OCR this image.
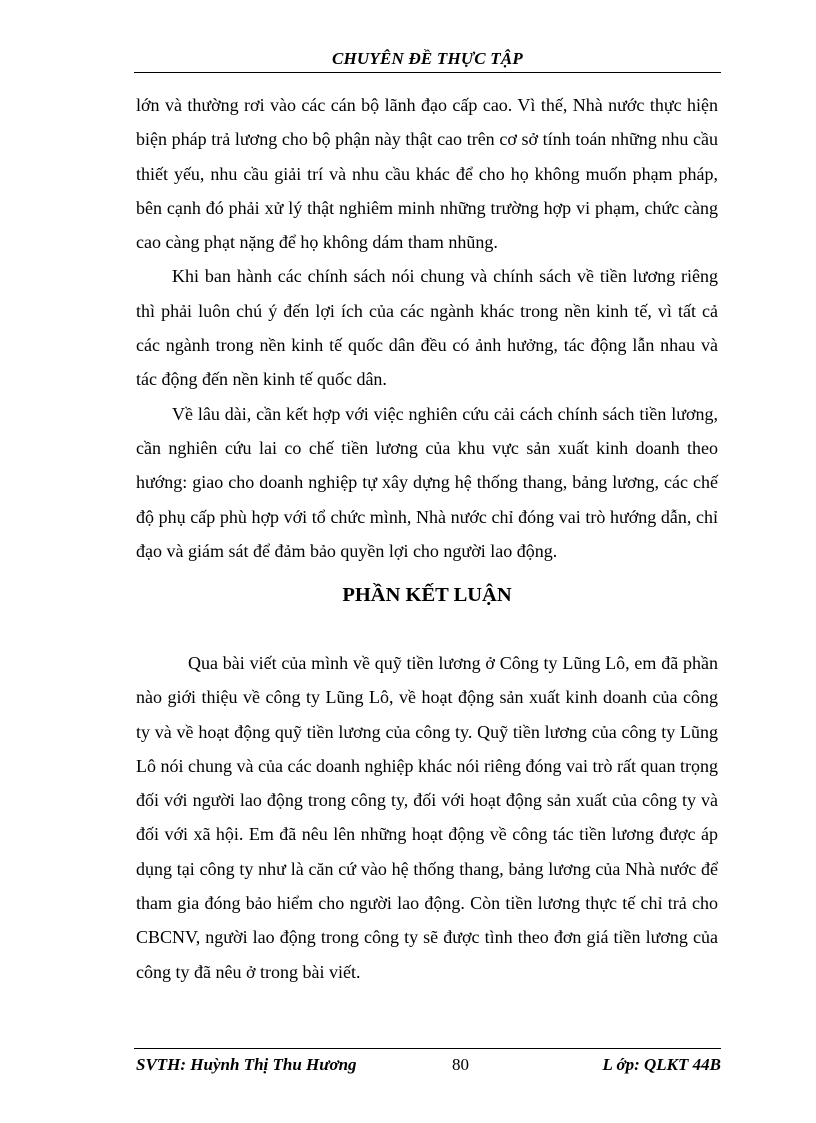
CHUYÊN ĐỀ THỰC TẬP

lớn và thường rơi vào các cán bộ lãnh đạo cấp cao. Vì thế, Nhà nước thực hiện biện pháp trả lương cho bộ phận này thật cao trên cơ sở tính toán những nhu cầu thiết yếu, nhu cầu giải trí và nhu cầu khác để cho họ không muốn phạm pháp, bên cạnh đó phải xử lý thật nghiêm minh những trường hợp vi phạm, chức càng cao càng phạt nặng để họ không dám tham nhũng.

Khi ban hành các chính sách nói chung và chính sách về tiền lương riêng thì phải luôn chú ý đến lợi ích của các ngành khác trong nền kinh tế, vì tất cả các ngành trong nền kinh tế quốc dân đều có ảnh hưởng, tác động lẫn nhau và tác động đến nền kinh tế quốc dân.

Về lâu dài, cần kết hợp với việc nghiên cứu cải cách chính sách tiền lương, cần nghiên cứu lai co chế tiền lương của khu vực sản xuất kinh doanh theo hướng: giao cho doanh nghiệp tự xây dựng hệ thống thang, bảng lương, các chế độ phụ cấp phù hợp với tổ chức mình, Nhà nước chỉ đóng vai trò hướng dẫn, chỉ đạo và giám sát để đảm bảo quyền lợi cho người lao động.

PHẦN KẾT LUẬN

Qua bài viết của mình về quỹ tiền lương ở Công ty Lũng Lô, em đã phần nào giới thiệu về công ty Lũng Lô, về hoạt động sản xuất kinh doanh của công ty và về hoạt động quỹ tiền lương của công ty. Quỹ tiền lương của công ty Lũng Lô nói chung và của các doanh nghiệp khác nói riêng đóng vai trò rất quan trọng đối với người lao động trong công ty, đối với hoạt động sản xuất của công ty và đối với xã hội. Em đã nêu lên những hoạt động về công tác tiền lương được áp dụng tại công ty như là căn cứ vào hệ thống thang, bảng lương của Nhà nước để tham gia đóng bảo hiểm cho người lao động. Còn tiền lương thực tế chỉ trả cho CBCNV, người lao động trong công ty sẽ được tình theo đơn giá tiền lương của công ty đã nêu ở trong bài viết.

SVTH: Huỳnh Thị Thu Hương	80	L ớp: QLKT 44B
